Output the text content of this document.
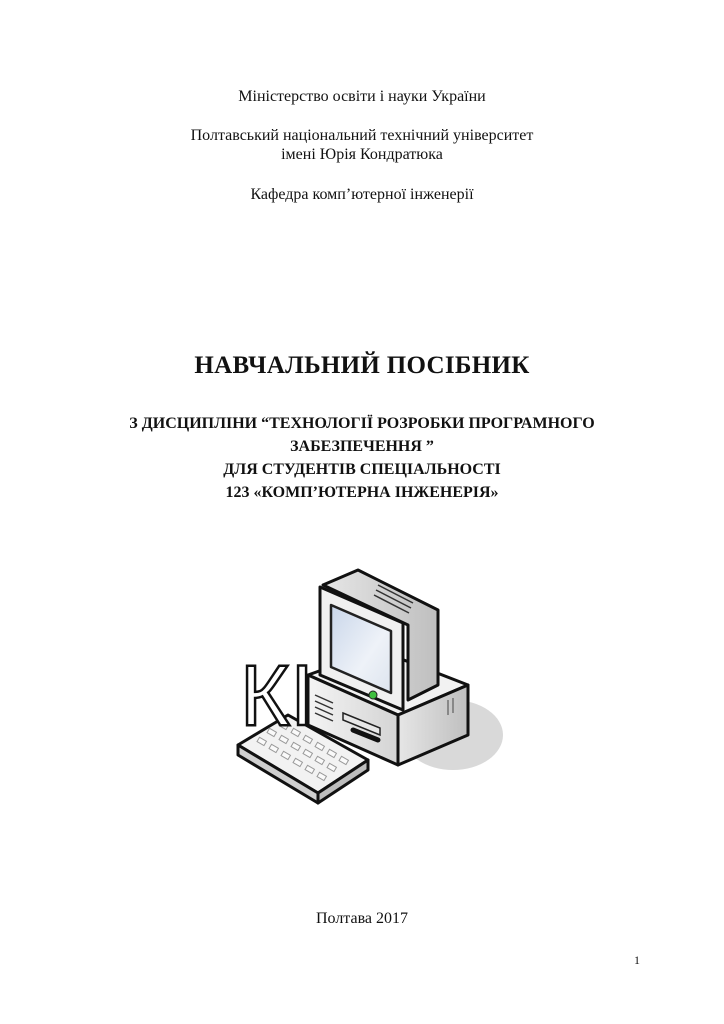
Міністерство освіти і науки України
Полтавський національний технічний університет
імені Юрія Кондратюка
Кафедра комп’ютерної інженерії
НАВЧАЛЬНИЙ ПОСІБНИК
З ДИСЦИПЛІНИ “ТЕХНОЛОГІЇ РОЗРОБКИ ПРОГРАМНОГО
ЗАБЕЗПЕЧЕННЯ ”
ДЛЯ СТУДЕНТІВ СПЕЦІАЛЬНОСТІ
123 «КОМП’ЮТЕРНА ІНЖЕНЕРІЯ»
КІ
Полтава 2017
1
